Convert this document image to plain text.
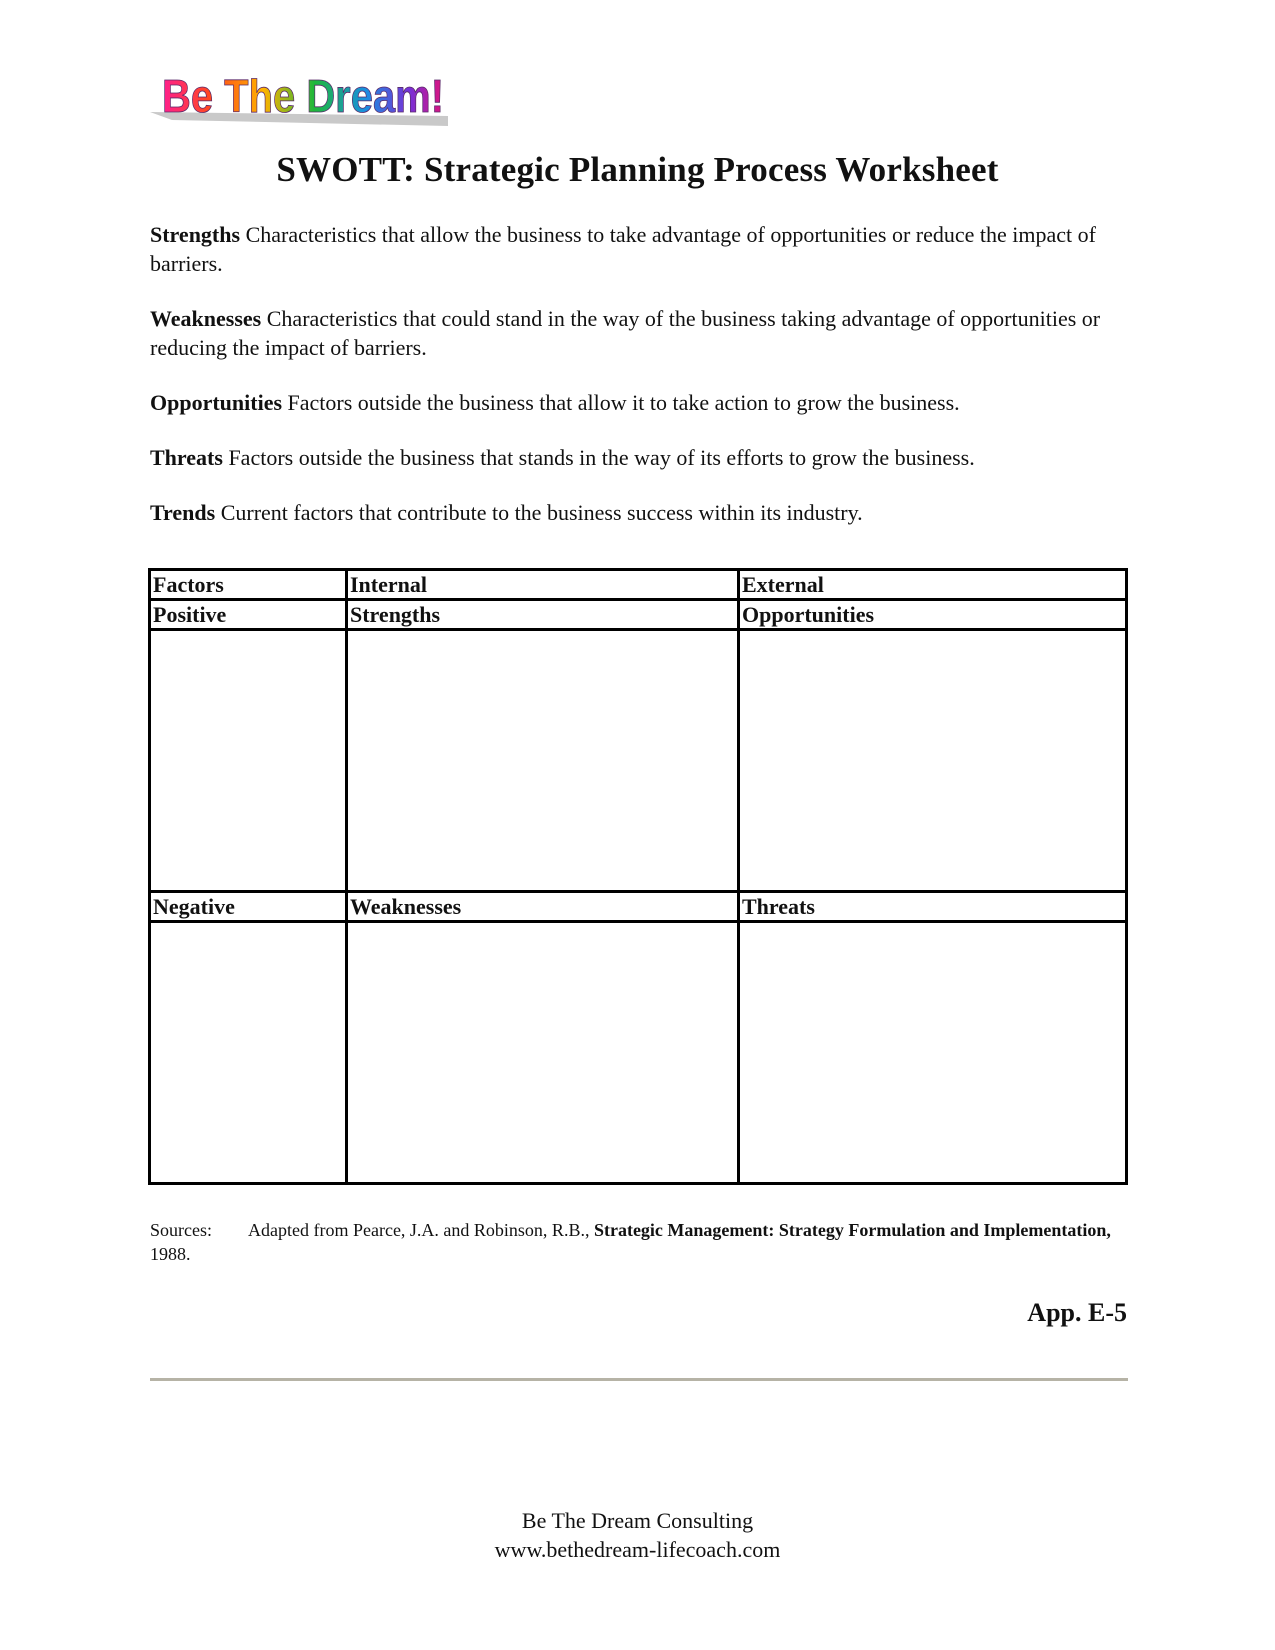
Be The Dream!
SWOTT: Strategic Planning Process Worksheet

Strengths Characteristics that allow the business to take advantage of opportunities or reduce the impact of barriers.

Weaknesses Characteristics that could stand in the way of the business taking advantage of opportunities or reducing the impact of barriers.

Opportunities Factors outside the business that allow it to take action to grow the business.

Threats Factors outside the business that stands in the way of its efforts to grow the business.

Trends Current factors that contribute to the business success within its industry.

Factors	Internal	External
Positive	Strengths	Opportunities

Negative	Weaknesses	Threats

Sources: Adapted from Pearce, J.A. and Robinson, R.B., Strategic Management: Strategy Formulation and Implementation, 1988.
App. E-5
Be The Dream Consulting
www.bethedream-lifecoach.com
